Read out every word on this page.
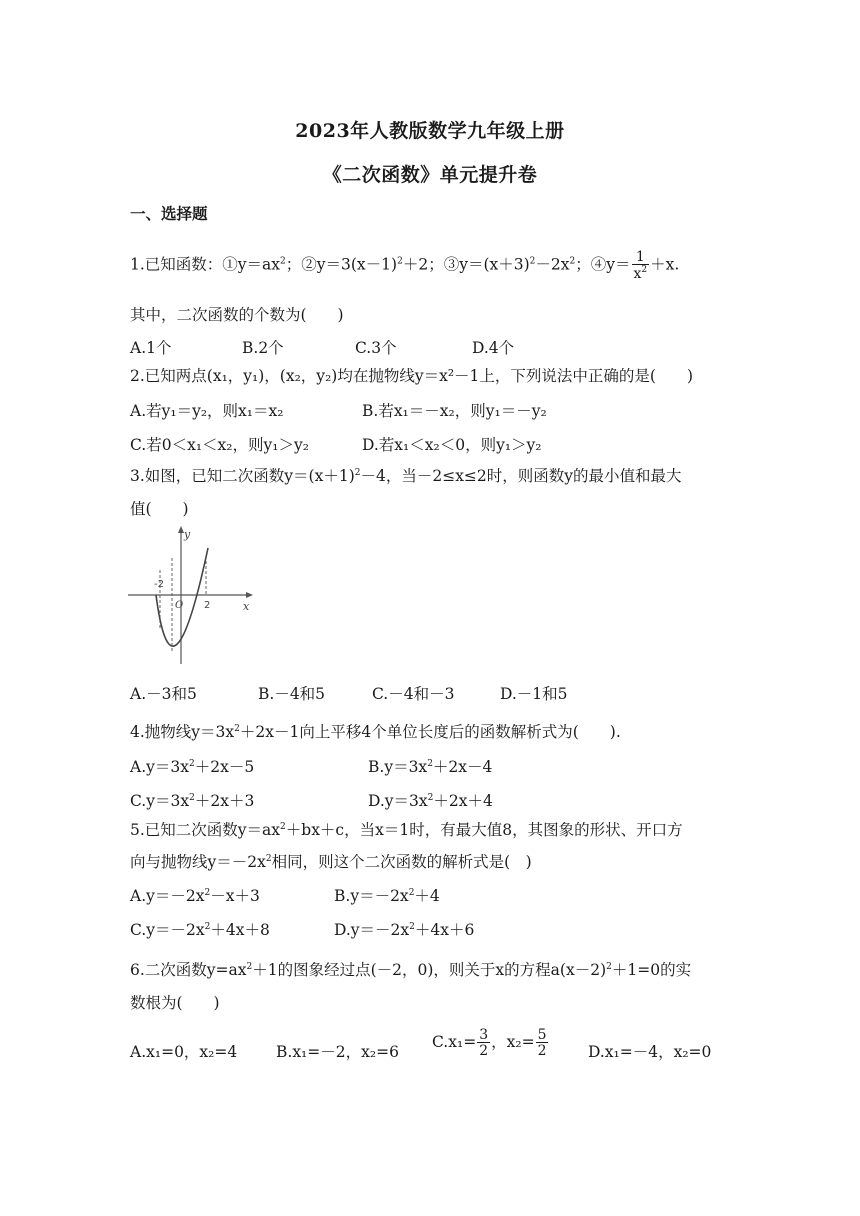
2023年人教版数学九年级上册
《二次函数》单元提升卷
一、选择题
1.已知函数：$①y=ax^2$；$②y=3(x-1)^2+2$；$③y=(x+3)^2-2x^2$；④y＝ $\frac{1}{x^2} +x$.
其中，二次函数的个数为(　　)
A.1个	B.2个	C.3个	D.4个
2.已知两点(x₁，y₁)，(x₂，y₂)均在抛物线y＝x²－1上，下列说法中正确的是(　　)
A.若y₁＝y₂，则x₁＝x₂	B.若x₁＝－x₂，则y₁＝－y₂
C.若0＜x₁＜x₂，则y₁＞y₂	D.若x₁＜x₂＜0，则y₁＞y₂
3.如图，已知二次函数$y=(x+1)^2-4$，当－2≤x≤2时，则函数y的最小值和最大
值(　　)
y
x
-2
O 2
A.－3和5	B.－4和5	C.－4和－3	D.－1和5
4.抛物线$y=3x^2+2x-1$向上平移4个单位长度后的函数解析式为(　　).
$A.y=3x^2+2x-5$	$B.y=3x^2+2x-4$
$C.y=3x^2+2x+3$	$D.y=3x^2+2x+4$
5.已知二次函数$y=ax^2+bx+c$，当x＝1时，有最大值8，其图象的形状、开口方
向与抛物线$y=-2x^2$相同，则这个二次函数的解析式是(　)
$A.y=-2x^2-x+3$	$B.y=-2x^2+4$
$C.y=-2x^2+4x+8$	$D.y=-2x^2+4x+6$
6.二次函数$y=ax^2+1$的图象经过点(－2，0)，则关于x的方程$a(x-2)^2+1=0$的实
数根为(　　)
A.x₁=0，x₂=4	B.x₁=－2，x₂=6
$C.x_1= \frac{3}{2}$ ，$x_2= \frac{5}{2}$	D.x₁=－4，x₂=0
